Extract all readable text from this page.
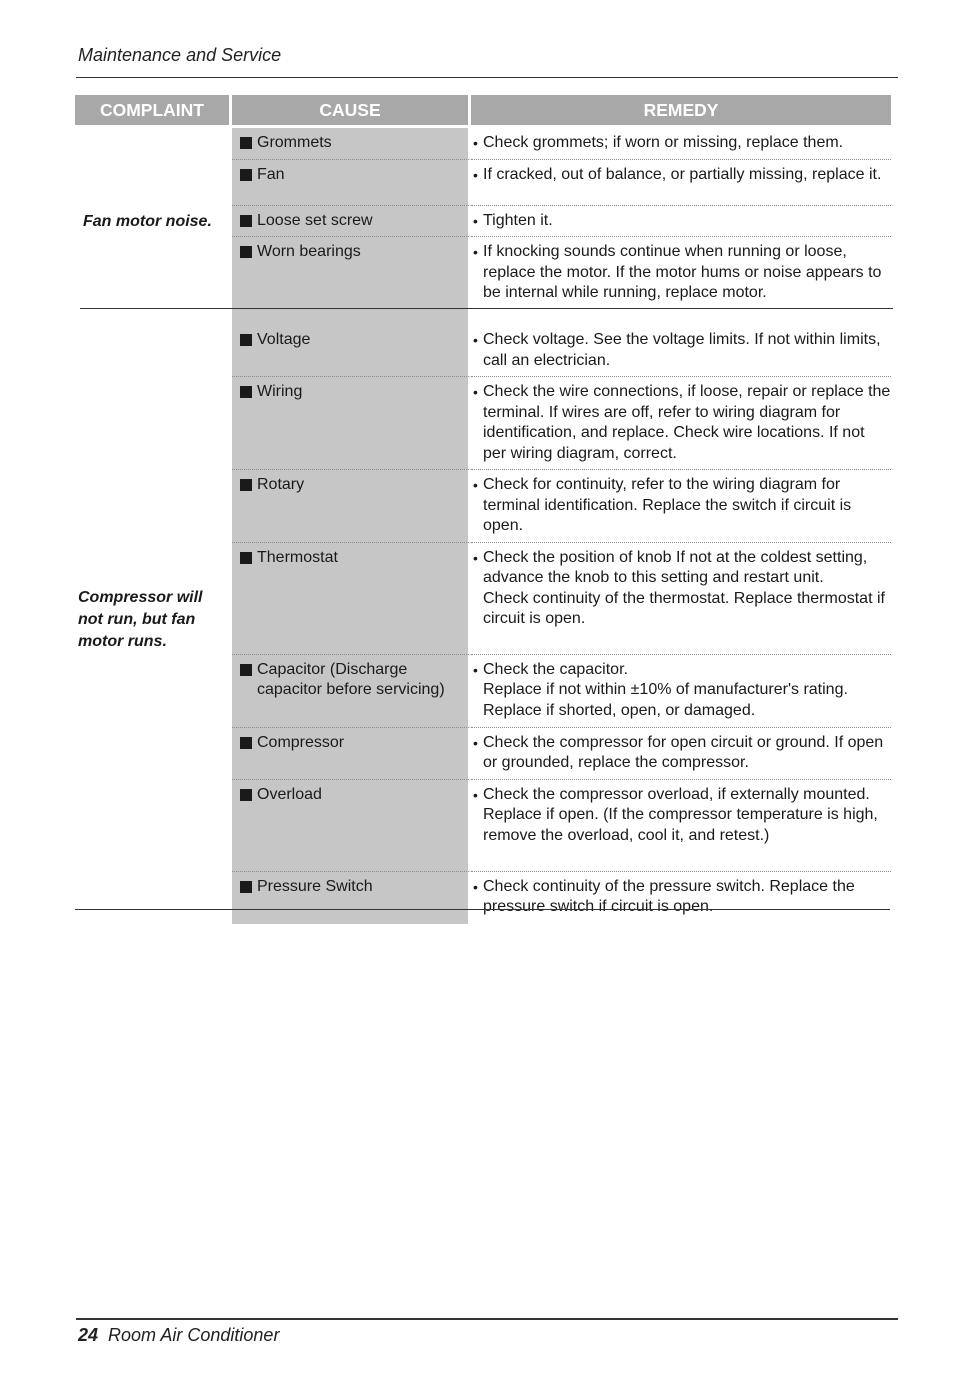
Maintenance and Service
COMPLAINT	CAUSE	REMEDY
Fan motor noise.	Grommets	• Check grommets; if worn or missing, replace them.

	Fan	• If cracked, out of balance, or partially missing, replace it.

	Loose set screw	• Tighten it.

	Worn bearings	• If knocking sounds continue when running or loose, replace the motor. If the motor hums or noise appears to be internal while running, replace motor.

Compressor will not run, but fan motor runs.	Voltage	• Check voltage. See the voltage limits. If not within limits, call an electrician.

	Wiring	• Check the wire connections, if loose, repair or replace the terminal. If wires are off, refer to wiring diagram for identification, and replace. Check wire locations. If not per wiring diagram, correct.

	Rotary	• Check for continuity, refer to the wiring diagram for terminal identification. Replace the switch if circuit is open.

	Thermostat	• Check the position of knob If not at the coldest setting, advance the knob to this setting and restart unit.
Check continuity of the thermostat. Replace thermostat if circuit is open.

	Capacitor (Discharge capacitor before servicing)	• Check the capacitor.
Replace if not within ±10% of manufacturer's rating. Replace if shorted, open, or damaged.

	Compressor	• Check the compressor for open circuit or ground. If open or grounded, replace the compressor.

	Overload	• Check the compressor overload, if externally mounted. Replace if open. (If the compressor temperature is high, remove the overload, cool it, and retest.)

	Pressure Switch	• Check continuity of the pressure switch. Replace the pressure switch if circuit is open.
24 Room Air Conditioner
